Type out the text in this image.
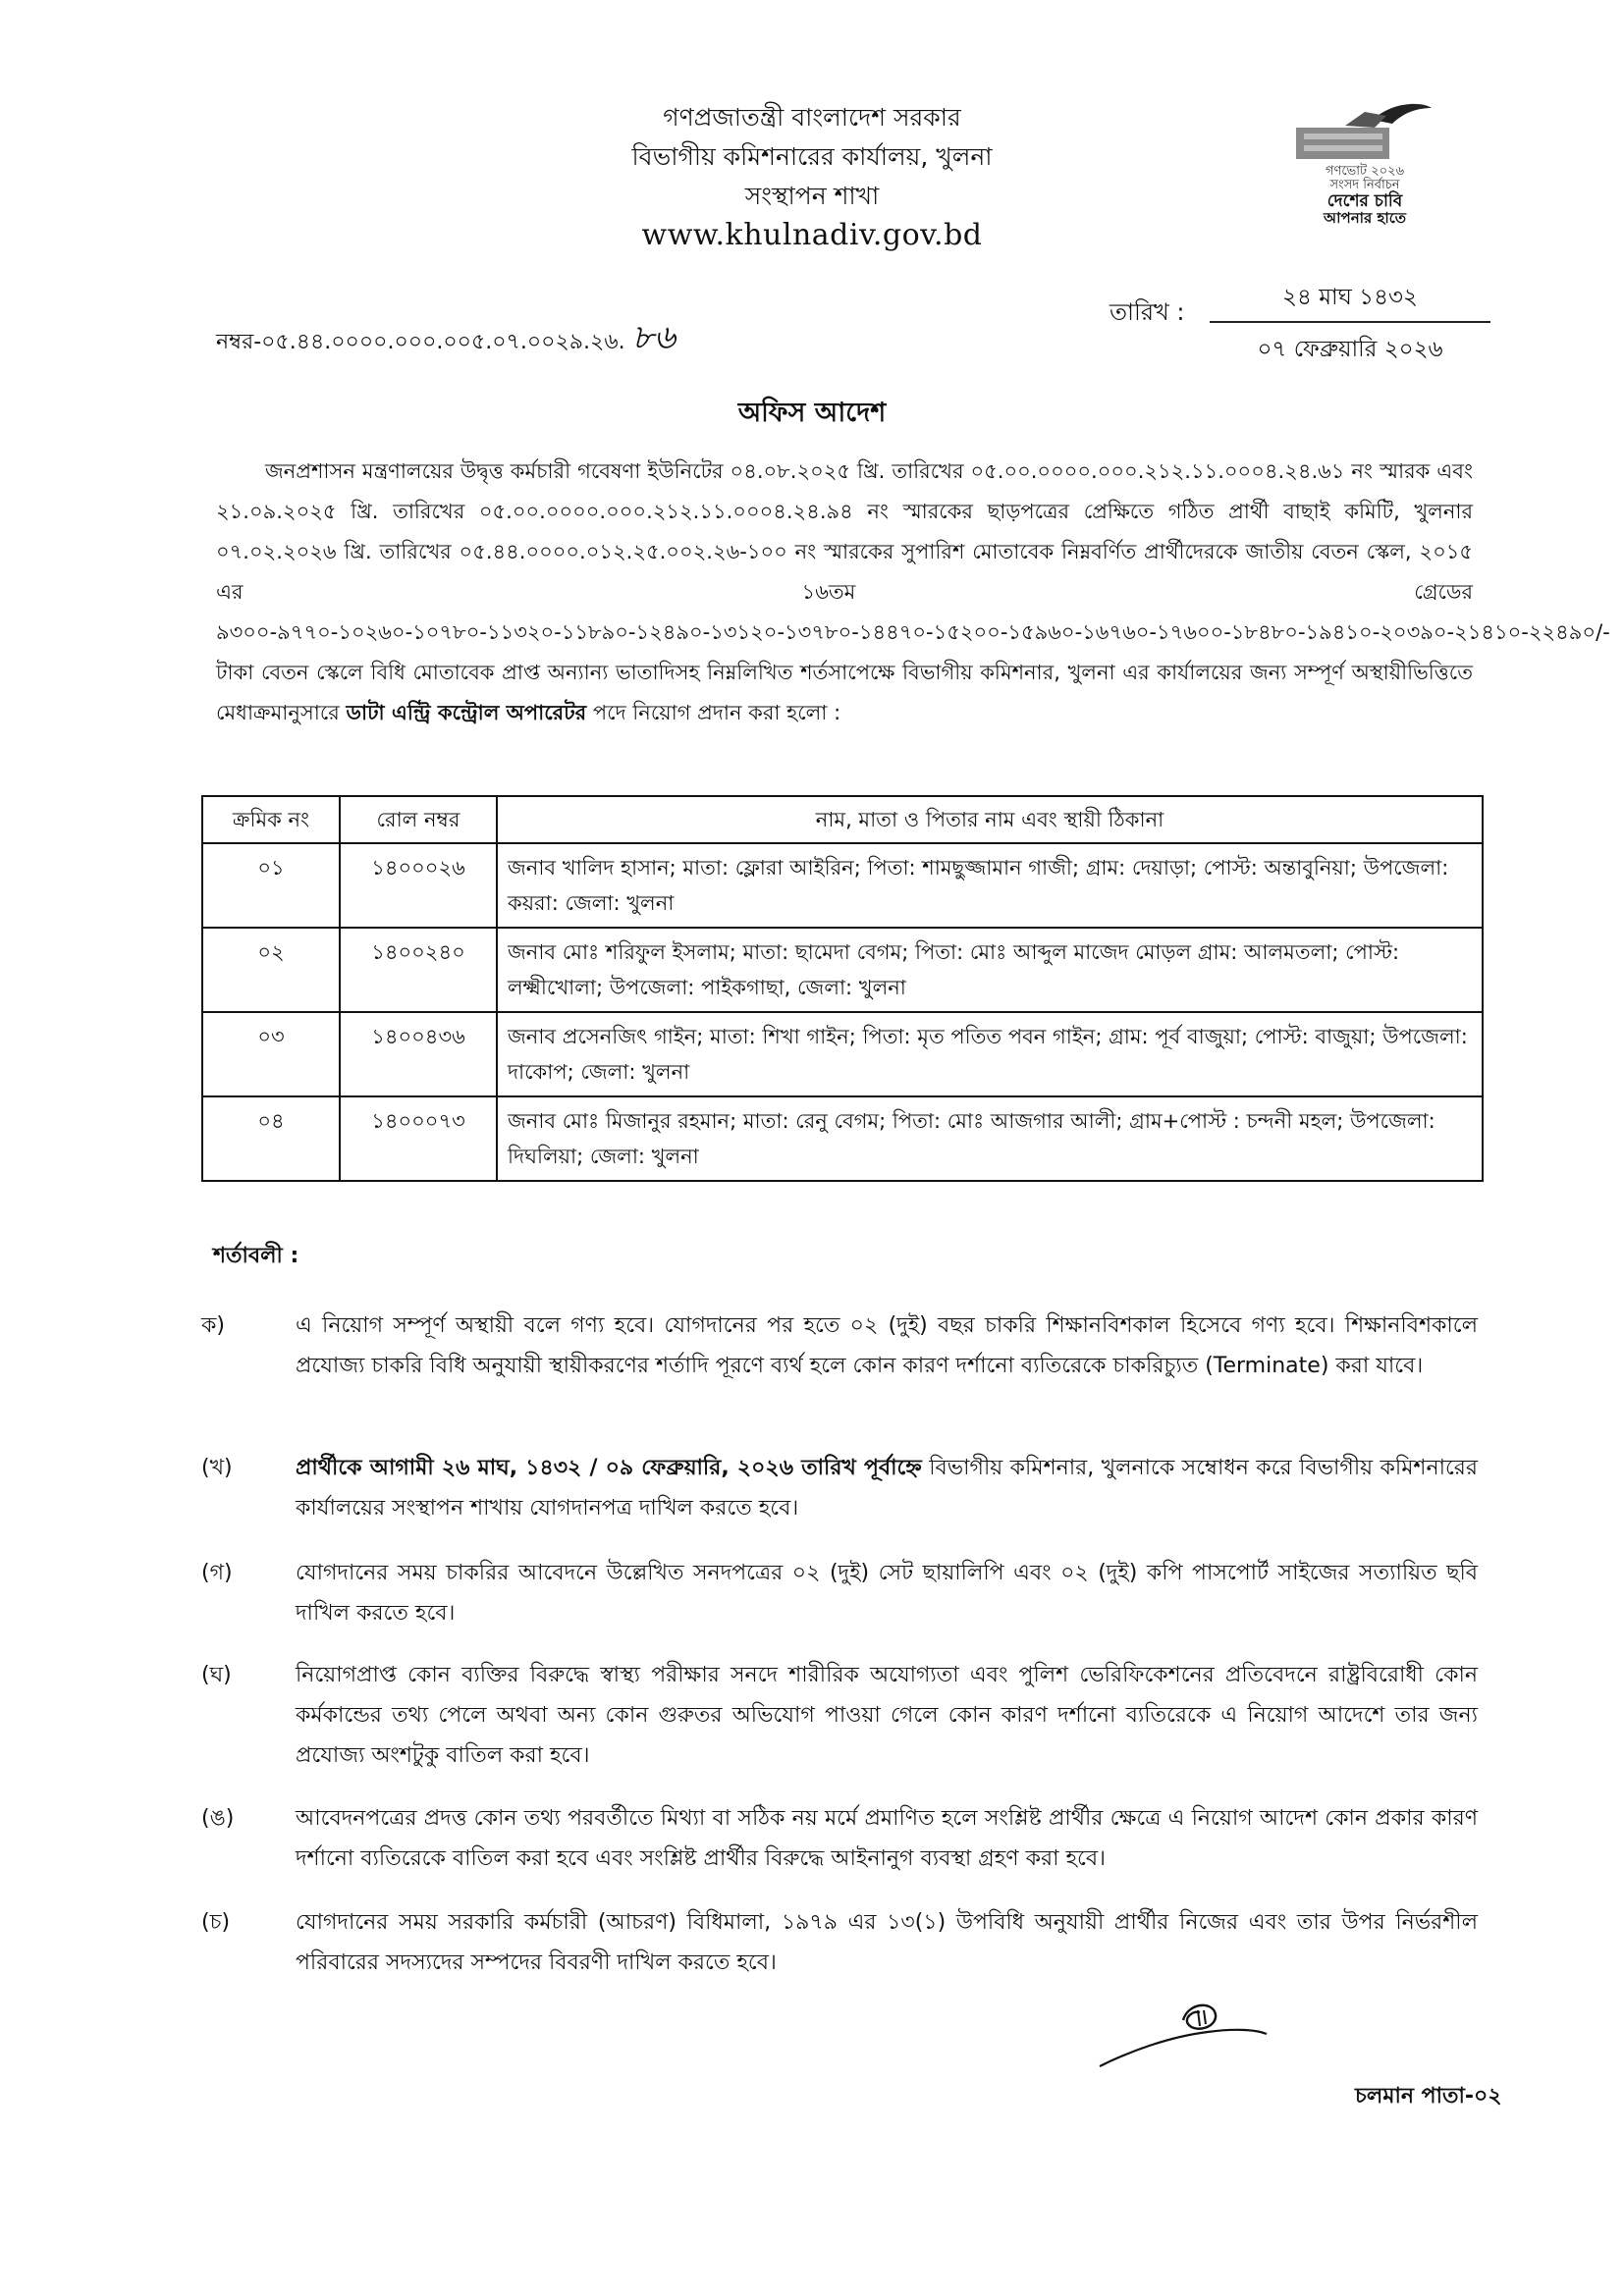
গণপ্রজাতন্ত্রী বাংলাদেশ সরকার
বিভাগীয় কমিশনারের কার্যালয়, খুলনা
সংস্থাপন শাখা
www.khulnadiv.gov.bd
গণভোট ২০২৬
সংসদ নির্বাচন
দেশের চাবি
আপনার হাতে
নম্বর-০৫.৪৪.০০০০.০০০.০০৫.০৭.০০২৯.২৬. ৮৬
তারিখ :
২৪ মাঘ ১৪৩২
০৭ ফেব্রুয়ারি ২০২৬
অফিস আদেশ
জনপ্রশাসন মন্ত্রণালয়ের উদ্বৃত্ত কর্মচারী গবেষণা ইউনিটের ০৪.০৮.২০২৫ খ্রি. তারিখের ০৫.০০.০০০০.০০০.২১২.১১.০০০৪.২৪.৬১ নং স্মারক এবং ২১.০৯.২০২৫ খ্রি. তারিখের ০৫.০০.০০০০.০০০.২১২.১১.০০০৪.২৪.৯৪ নং স্মারকের ছাড়পত্রের প্রেক্ষিতে গঠিত প্রার্থী বাছাই কমিটি, খুলনার ০৭.০২.২০২৬ খ্রি. তারিখের ০৫.৪৪.০০০০.০১২.২৫.০০২.২৬-১০০ নং স্মারকের সুপারিশ মোতাবেক নিম্নবর্ণিত প্রার্থীদেরকে জাতীয় বেতন স্কেল, ২০১৫ এর ১৬তম গ্রেডের ৯৩০০-৯৭৭০-১০২৬০-১০৭৮০-১১৩২০-১১৮৯০-১২৪৯০-১৩১২০-১৩৭৮০-১৪৪৭০-১৫২০০-১৫৯৬০-১৬৭৬০-১৭৬০০-১৮৪৮০-১৯৪১০-২০৩৯০-২১৪১০-২২৪৯০/-টাকা বেতন স্কেলে বিধি মোতাবেক প্রাপ্ত অন্যান্য ভাতাদিসহ নিম্নলিখিত শর্তসাপেক্ষে বিভাগীয় কমিশনার, খুলনা এর কার্যালয়ের জন্য সম্পূর্ণ অস্থায়ীভিত্তিতে মেধাক্রমানুসারে ডাটা এন্ট্রি কন্ট্রোল অপারেটর পদে নিয়োগ প্রদান করা হলো :
ক্রমিক নং	রোল নম্বর	নাম, মাতা ও পিতার নাম এবং স্থায়ী ঠিকানা
০১	১৪০০০২৬	জনাব খালিদ হাসান; মাতা: ফ্লোরা আইরিন; পিতা: শামছুজ্জামান গাজী; গ্রাম: দেয়াড়া; পোস্ট: অন্তাবুনিয়া; উপজেলা: কয়রা: জেলা: খুলনা
০২	১৪০০২৪০	জনাব মোঃ শরিফুল ইসলাম; মাতা: ছামেদা বেগম; পিতা: মোঃ আব্দুল মাজেদ মোড়ল গ্রাম: আলমতলা; পোস্ট: লক্ষ্মীখোলা; উপজেলা: পাইকগাছা, জেলা: খুলনা
০৩	১৪০০৪৩৬	জনাব প্রসেনজিৎ গাইন; মাতা: শিখা গাইন; পিতা: মৃত পতিত পবন গাইন; গ্রাম: পূর্ব বাজুয়া; পোস্ট: বাজুয়া; উপজেলা: দাকোপ; জেলা: খুলনা
০৪	১৪০০০৭৩	জনাব মোঃ মিজানুর রহমান; মাতা: রেনু বেগম; পিতা: মোঃ আজগার আলী; গ্রাম+পোস্ট : চন্দনী মহল; উপজেলা: দিঘলিয়া; জেলা: খুলনা
শর্তাবলী :
ক)	এ নিয়োগ সম্পূর্ণ অস্থায়ী বলে গণ্য হবে। যোগদানের পর হতে ০২ (দুই) বছর চাকরি শিক্ষানবিশকাল হিসেবে গণ্য হবে। শিক্ষানবিশকালে প্রযোজ্য চাকরি বিধি অনুযায়ী স্থায়ীকরণের শর্তাদি পূরণে ব্যর্থ হলে কোন কারণ দর্শানো ব্যতিরেকে চাকরিচ্যুত (Terminate) করা যাবে।
(খ)	প্রার্থীকে আগামী ২৬ মাঘ, ১৪৩২ / ০৯ ফেব্রুয়ারি, ২০২৬ তারিখ পূর্বাহ্নে বিভাগীয় কমিশনার, খুলনাকে সম্বোধন করে বিভাগীয় কমিশনারের কার্যালয়ের সংস্থাপন শাখায় যোগদানপত্র দাখিল করতে হবে।
(গ)	যোগদানের সময় চাকরির আবেদনে উল্লেখিত সনদপত্রের ০২ (দুই) সেট ছায়ালিপি এবং ০২ (দুই) কপি পাসপোর্ট সাইজের সত্যায়িত ছবি দাখিল করতে হবে।
(ঘ)	নিয়োগপ্রাপ্ত কোন ব্যক্তির বিরুদ্ধে স্বাস্থ্য পরীক্ষার সনদে শারীরিক অযোগ্যতা এবং পুলিশ ভেরিফিকেশনের প্রতিবেদনে রাষ্ট্রবিরোধী কোন কর্মকান্ডের তথ্য পেলে অথবা অন্য কোন গুরুতর অভিযোগ পাওয়া গেলে কোন কারণ দর্শানো ব্যতিরেকে এ নিয়োগ আদেশে তার জন্য প্রযোজ্য অংশটুকু বাতিল করা হবে।
(ঙ)	আবেদনপত্রের প্রদত্ত কোন তথ্য পরবর্তীতে মিথ্যা বা সঠিক নয় মর্মে প্রমাণিত হলে সংশ্লিষ্ট প্রার্থীর ক্ষেত্রে এ নিয়োগ আদেশ কোন প্রকার কারণ দর্শানো ব্যতিরেকে বাতিল করা হবে এবং সংশ্লিষ্ট প্রার্থীর বিরুদ্ধে আইনানুগ ব্যবস্থা গ্রহণ করা হবে।
(চ)	যোগদানের সময় সরকারি কর্মচারী (আচরণ) বিধিমালা, ১৯৭৯ এর ১৩(১) উপবিধি অনুযায়ী প্রার্থীর নিজের এবং তার উপর নির্ভরশীল পরিবারের সদস্যদের সম্পদের বিবরণী দাখিল করতে হবে।
চলমান পাতা-০২
